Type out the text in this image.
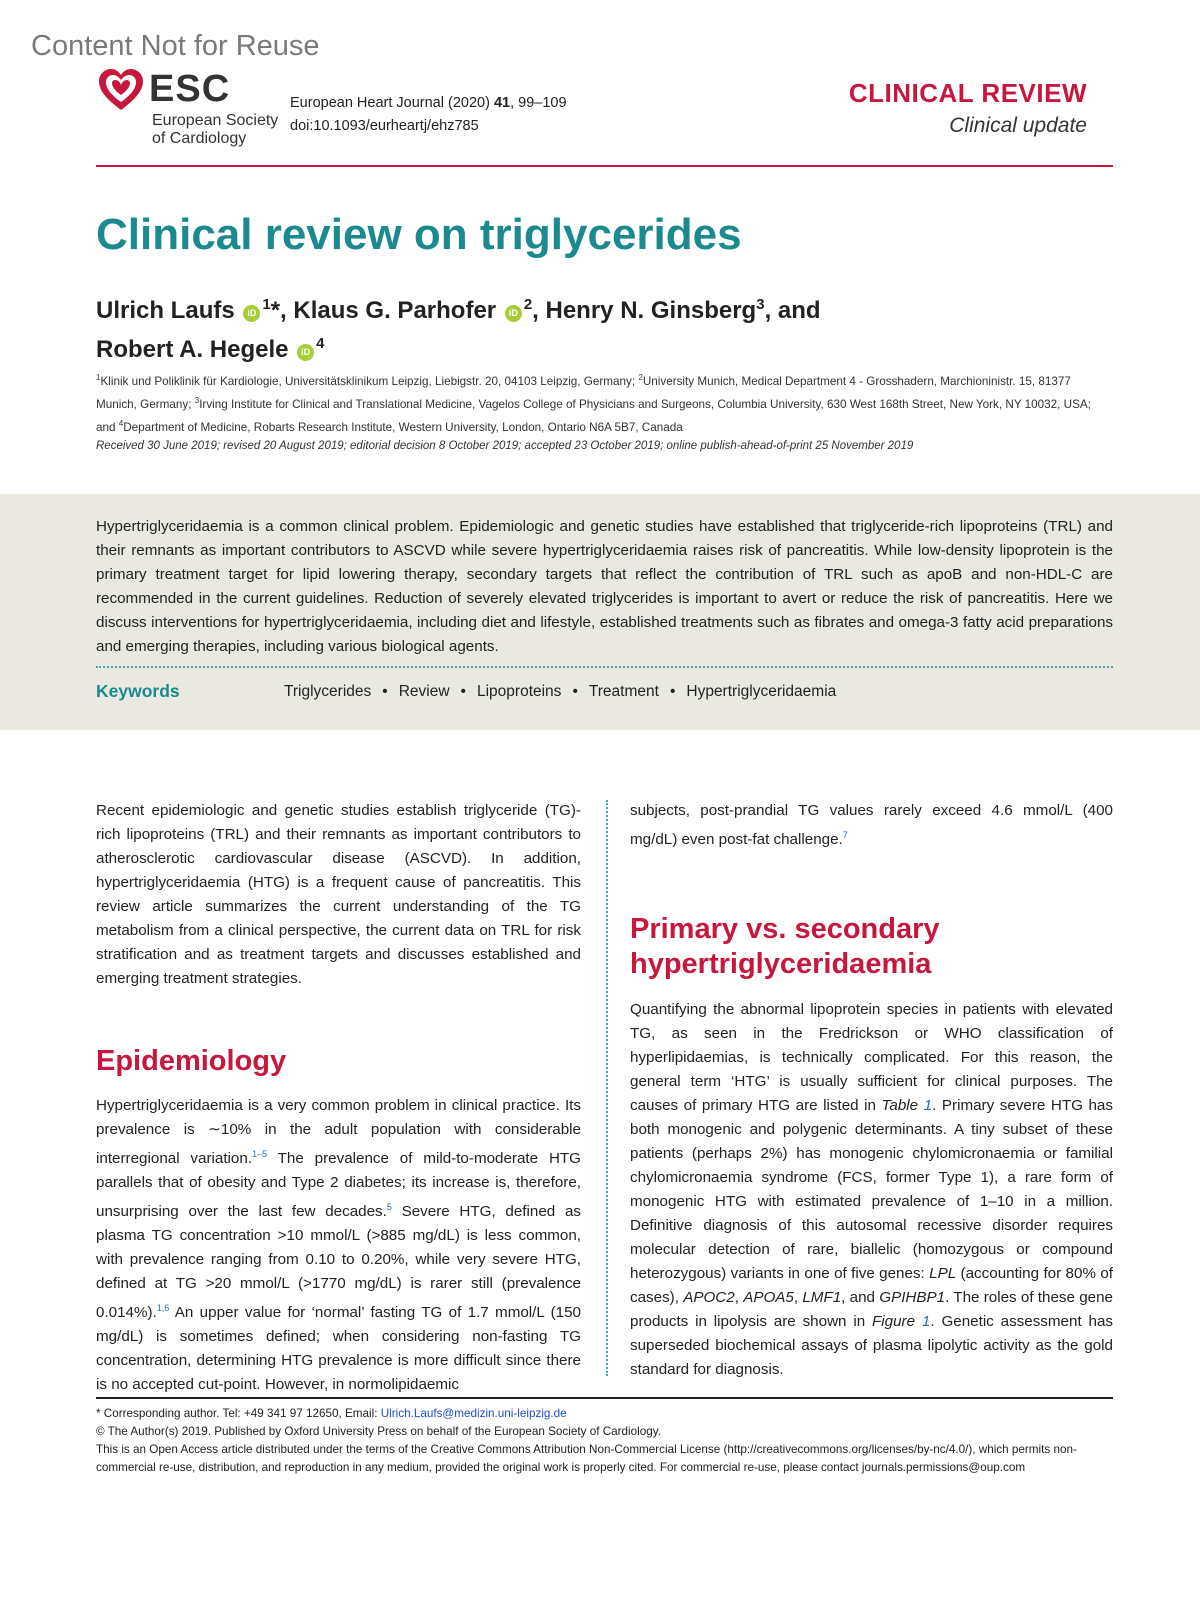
Content Not for Reuse
ESC
European Society
of Cardiology
European Heart Journal (2020) 41, 99–109
doi:10.1093/eurheartj/ehz785
CLINICAL REVIEW
Clinical update
Clinical review on triglycerides
Ulrich Laufs iD $^1$*, Klaus G. Parhofer iD $^2$, Henry N. Ginsberg$^3$, and
Robert A. Hegele iD $^4$
$^1$Klinik und Poliklinik für Kardiologie, Universitätsklinikum Leipzig, Liebigstr. 20, 04103 Leipzig, Germany; $^2$University Munich, Medical Department 4 - Grosshadern, Marchioninistr. 15, 81377 Munich, Germany; $^3$Irving Institute for Clinical and Translational Medicine, Vagelos College of Physicians and Surgeons, Columbia University, 630 West 168th Street, New York, NY 10032, USA; and $^4$Department of Medicine, Robarts Research Institute, Western University, London, Ontario N6A 5B7, Canada
Received 30 June 2019; revised 20 August 2019; editorial decision 8 October 2019; accepted 23 October 2019; online publish-ahead-of-print 25 November 2019
Hypertriglyceridaemia is a common clinical problem. Epidemiologic and genetic studies have established that triglyceride-rich lipoproteins (TRL) and their remnants as important contributors to ASCVD while severe hypertriglyceridaemia raises risk of pancreatitis. While low-density lipoprotein is the primary treatment target for lipid lowering therapy, secondary targets that reflect the contribution of TRL such as apoB and non-HDL-C are recommended in the current guidelines. Reduction of severely elevated triglycerides is important to avert or reduce the risk of pancreatitis. Here we discuss interventions for hypertriglyceridaemia, including diet and lifestyle, established treatments such as fibrates and omega-3 fatty acid preparations and emerging therapies, including various biological agents.
Keywords	Triglycerides • Review • Lipoproteins • Treatment • Hypertriglyceridaemia
Recent epidemiologic and genetic studies establish triglyceride (TG)-rich lipoproteins (TRL) and their remnants as important contributors to atherosclerotic cardiovascular disease (ASCVD). In addition, hypertriglyceridaemia (HTG) is a frequent cause of pancreatitis. This review article summarizes the current understanding of the TG metabolism from a clinical perspective, the current data on TRL for risk stratification and as treatment targets and discusses established and emerging treatment strategies.
Epidemiology
Hypertriglyceridaemia is a very common problem in clinical practice. Its prevalence is ∼10% in the adult population with considerable interregional variation.$^{1-5}$ The prevalence of mild-to-moderate HTG parallels that of obesity and Type 2 diabetes; its increase is, therefore, unsurprising over the last few decades.$^5$ Severe HTG, defined as plasma TG concentration >10 mmol/L (>885 mg/dL) is less common, with prevalence ranging from 0.10 to 0.20%, while very severe HTG, defined at TG >20 mmol/L (>1770 mg/dL) is rarer still (prevalence 0.014%).$^{1,6}$ An upper value for ‘normal’ fasting TG of 1.7 mmol/L (150 mg/dL) is sometimes defined; when considering non-fasting TG concentration, determining HTG prevalence is more difficult since there is no accepted cut-point. However, in normolipidaemic
subjects, post-prandial TG values rarely exceed 4.6 mmol/L (400 mg/dL) even post-fat challenge.$^7$
Primary vs. secondary hypertriglyceridaemia
Quantifying the abnormal lipoprotein species in patients with elevated TG, as seen in the Fredrickson or WHO classification of hyperlipidaemias, is technically complicated. For this reason, the general term ‘HTG’ is usually sufficient for clinical purposes. The causes of primary HTG are listed in Table 1. Primary severe HTG has both monogenic and polygenic determinants. A tiny subset of these patients (perhaps 2%) has monogenic chylomicronaemia or familial chylomicronaemia syndrome (FCS, former Type 1), a rare form of monogenic HTG with estimated prevalence of 1–10 in a million. Definitive diagnosis of this autosomal recessive disorder requires molecular detection of rare, biallelic (homozygous or compound heterozygous) variants in one of five genes: LPL (accounting for 80% of cases), APOC2, APOA5, LMF1, and GPIHBP1. The roles of these gene products in lipolysis are shown in Figure 1. Genetic assessment has superseded biochemical assays of plasma lipolytic activity as the gold standard for diagnosis.
* Corresponding author. Tel: +49 341 97 12650, Email: Ulrich.Laufs@medizin.uni-leipzig.de
© The Author(s) 2019. Published by Oxford University Press on behalf of the European Society of Cardiology.
This is an Open Access article distributed under the terms of the Creative Commons Attribution Non-Commercial License (http://creativecommons.org/licenses/by-nc/4.0/), which permits non-commercial re-use, distribution, and reproduction in any medium, provided the original work is properly cited. For commercial re-use, please contact journals.permissions@oup.com
